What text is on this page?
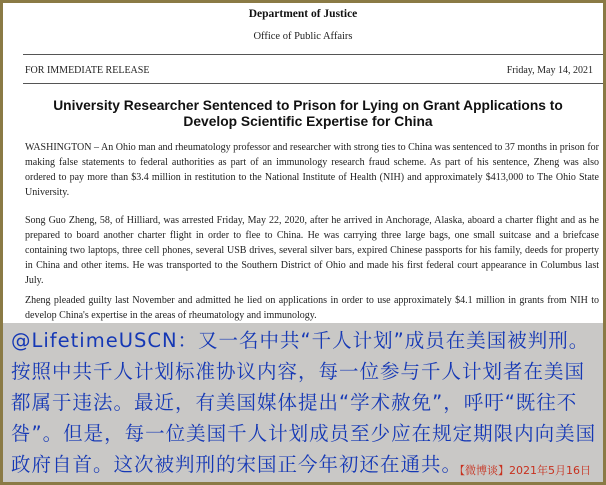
Department of Justice
Office of Public Affairs
FOR IMMEDIATE RELEASE	Friday, May 14, 2021
University Researcher Sentenced to Prison for Lying on Grant Applications to Develop Scientific Expertise for China

WASHINGTON – An Ohio man and rheumatology professor and researcher with strong ties to China was sentenced to 37 months in prison for making false statements to federal authorities as part of an immunology research fraud scheme. As part of his sentence, Zheng was also ordered to pay more than $3.4 million in restitution to the National Institute of Health (NIH) and approximately $413,000 to The Ohio State University.

Song Guo Zheng, 58, of Hilliard, was arrested Friday, May 22, 2020, after he arrived in Anchorage, Alaska, aboard a charter flight and as he prepared to board another charter flight in order to flee to China. He was carrying three large bags, one small suitcase and a briefcase containing two laptops, three cell phones, several USB drives, several silver bars, expired Chinese passports for his family, deeds for property in China and other items. He was transported to the Southern District of Ohio and made his first federal court appearance in Columbus last July.

Zheng pleaded guilty last November and admitted he lied on applications in order to use approximately $4.1 million in grants from NIH to develop China's expertise in the areas of rheumatology and immunology.

@LifetimeUSCN：又一名中共“千人计划”成员在美国被判刑。按照中共千人计划标准协议内容，每一位参与千人计划者在美国都属于违法。最近，有美国媒体提出“学术赦免”，呼吁“既往不咎”。但是，每一位美国千人计划成员至少应在规定期限内向美国政府自首。这次被判刑的宋国正今年初还在通共。

【微博谈】2021年5月16日
